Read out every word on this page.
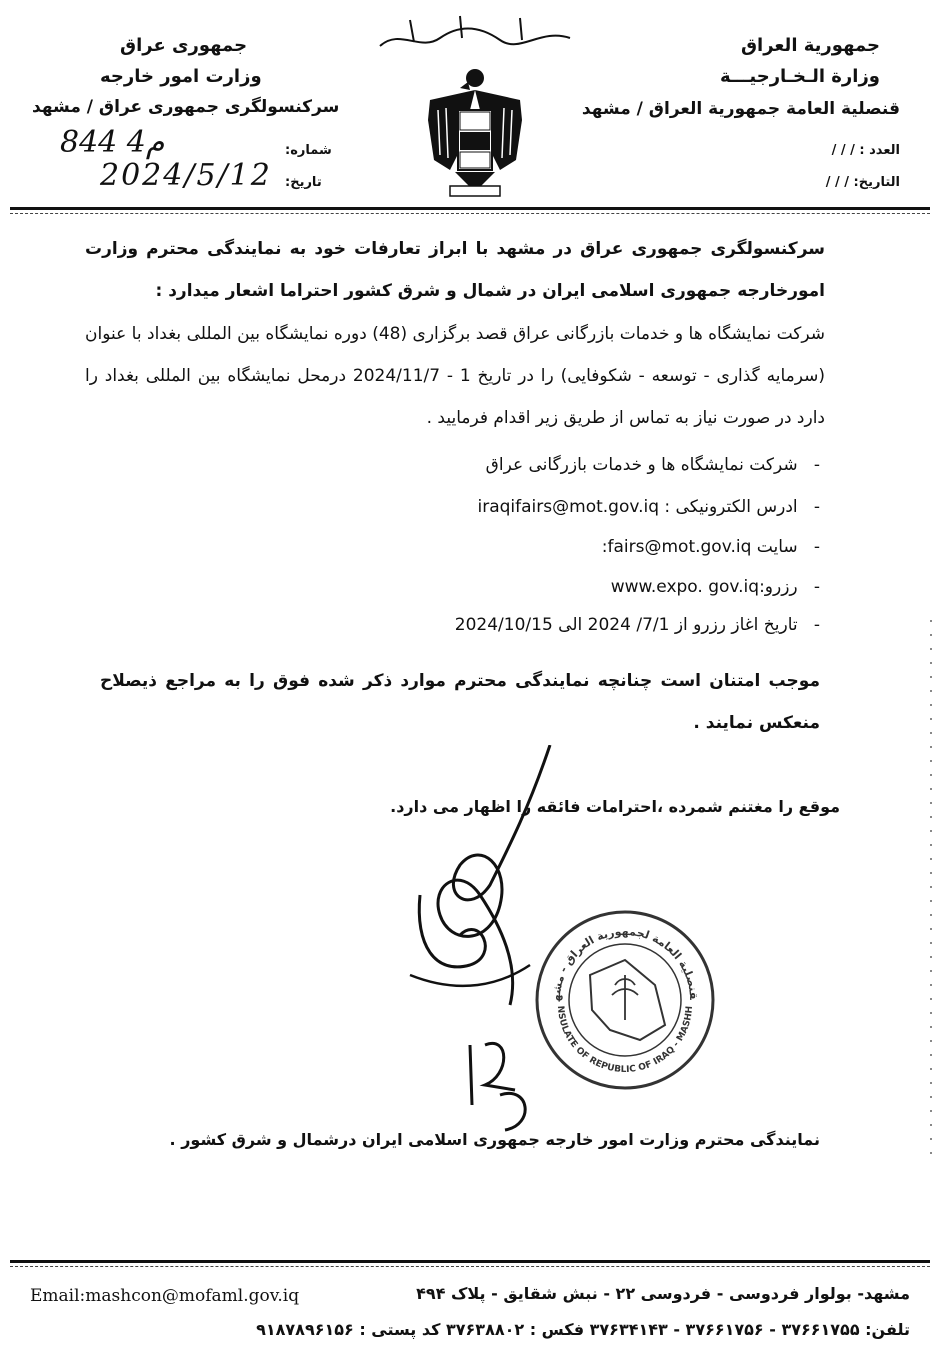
جمهورية العراق
وزارة الـخـارجيـــة
قنصلية العامة جمهورية العراق / مشهد
العدد : / / /
التاريخ: / / /
جمهوری عراق
وزارت امور خارجه
سرکنسولگری جمهوری عراق / مشهد
شماره:
844 4م
تاریخ:
2024/5/12
سرکنسولگری جمهوری عراق در مشهد با ابراز تعارفات خود به نمایندگی محترم وزارت امورخارجه جمهوری اسلامی ایران در شمال و شرق کشور احتراما اشعار میدارد :
شرکت نمایشگاه ها و خدمات بازرگانی عراق قصد برگزاری (48) دوره نمایشگاه بین المللی بغداد با عنوان (سرمایه گذاری - توسعه - شکوفایی) را در تاریخ 1 - 2024/11/7 درمحل نمایشگاه بین المللی بغداد را دارد در صورت نیاز به تماس از طریق زیر اقدام فرمایید .
-   شرکت نمایشگاه ها و خدمات بازرگانی عراق
-   ادرس الکترونیکی : iraqifairs@mot.gov.iq
-   سایت fairs@mot.gov.iq:
-   رزرو:www.expo. gov.iq
-   تاریخ اغاز رزرو از 7/1/ 2024 الی 2024/10/15
موجب امتنان است چنانچه نمایندگی محترم موارد ذکر شده فوق را به مراجع ذیصلاح منعکس نمایند .
موقع را مغتنم شمرده ،احترامات فائقه را اظهار می دارد.
قنصلية العامة لجمهورية العراق - مشه
NSULATE OF REPUBLIC OF IRAQ - MASHH
نمایندگی محترم وزارت امور خارجه جمهوری اسلامی ایران درشمال و شرق کشور .
Email:mashcon@mofaml.gov.iq	مشهد- بولوار فردوسی - فردوسی ۲۲ - نبش شقایق - پلاک ۴۹۴
تلفن: ۳۷۶۶۱۷۵۵ - ۳۷۶۶۱۷۵۶ - ۳۷۶۳۴۱۴۳ فکس : ۳۷۶۳۸۸۰۲ کد پستی : ۹۱۸۷۸۹۶۱۵۶
